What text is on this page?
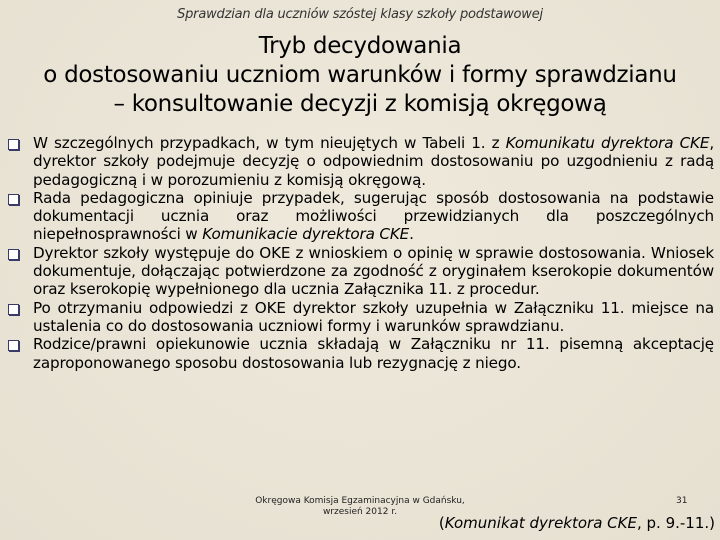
Sprawdzian dla uczniów szóstej klasy szkoły podstawowej
Tryb decydowania
o dostosowaniu uczniom warunków i formy sprawdzianu
– konsultowanie decyzji z komisją okręgową
W szczególnych przypadkach, w tym nieujętych w Tabeli 1. z Komunikatu dyrektora CKE, dyrektor szkoły podejmuje decyzję o odpowiednim dostosowaniu po uzgodnieniu z radą pedagogiczną i w porozumieniu z komisją okręgową.
Rada pedagogiczna opiniuje przypadek, sugerując sposób dostosowania na podstawie dokumentacji ucznia oraz możliwości przewidzianych dla poszczególnych niepełnosprawności w Komunikacie dyrektora CKE.
Dyrektor szkoły występuje do OKE z wnioskiem o opinię w sprawie dostosowania. Wniosek dokumentuje, dołączając potwierdzone za zgodność z oryginałem kserokopie dokumentów oraz kserokopię wypełnionego dla ucznia Załącznika 11. z procedur.
Po otrzymaniu odpowiedzi z OKE dyrektor szkoły uzupełnia w Załączniku 11. miejsce na ustalenia co do dostosowania uczniowi formy i warunków sprawdzianu.
Rodzice/prawni opiekunowie ucznia składają w Załączniku nr 11. pisemną akceptację zaproponowanego sposobu dostosowania lub rezygnację z niego.
Okręgowa Komisja Egzaminacyjna w Gdańsku,
wrzesień 2012 r.
31
(Komunikat dyrektora CKE, p. 9.-11.)
